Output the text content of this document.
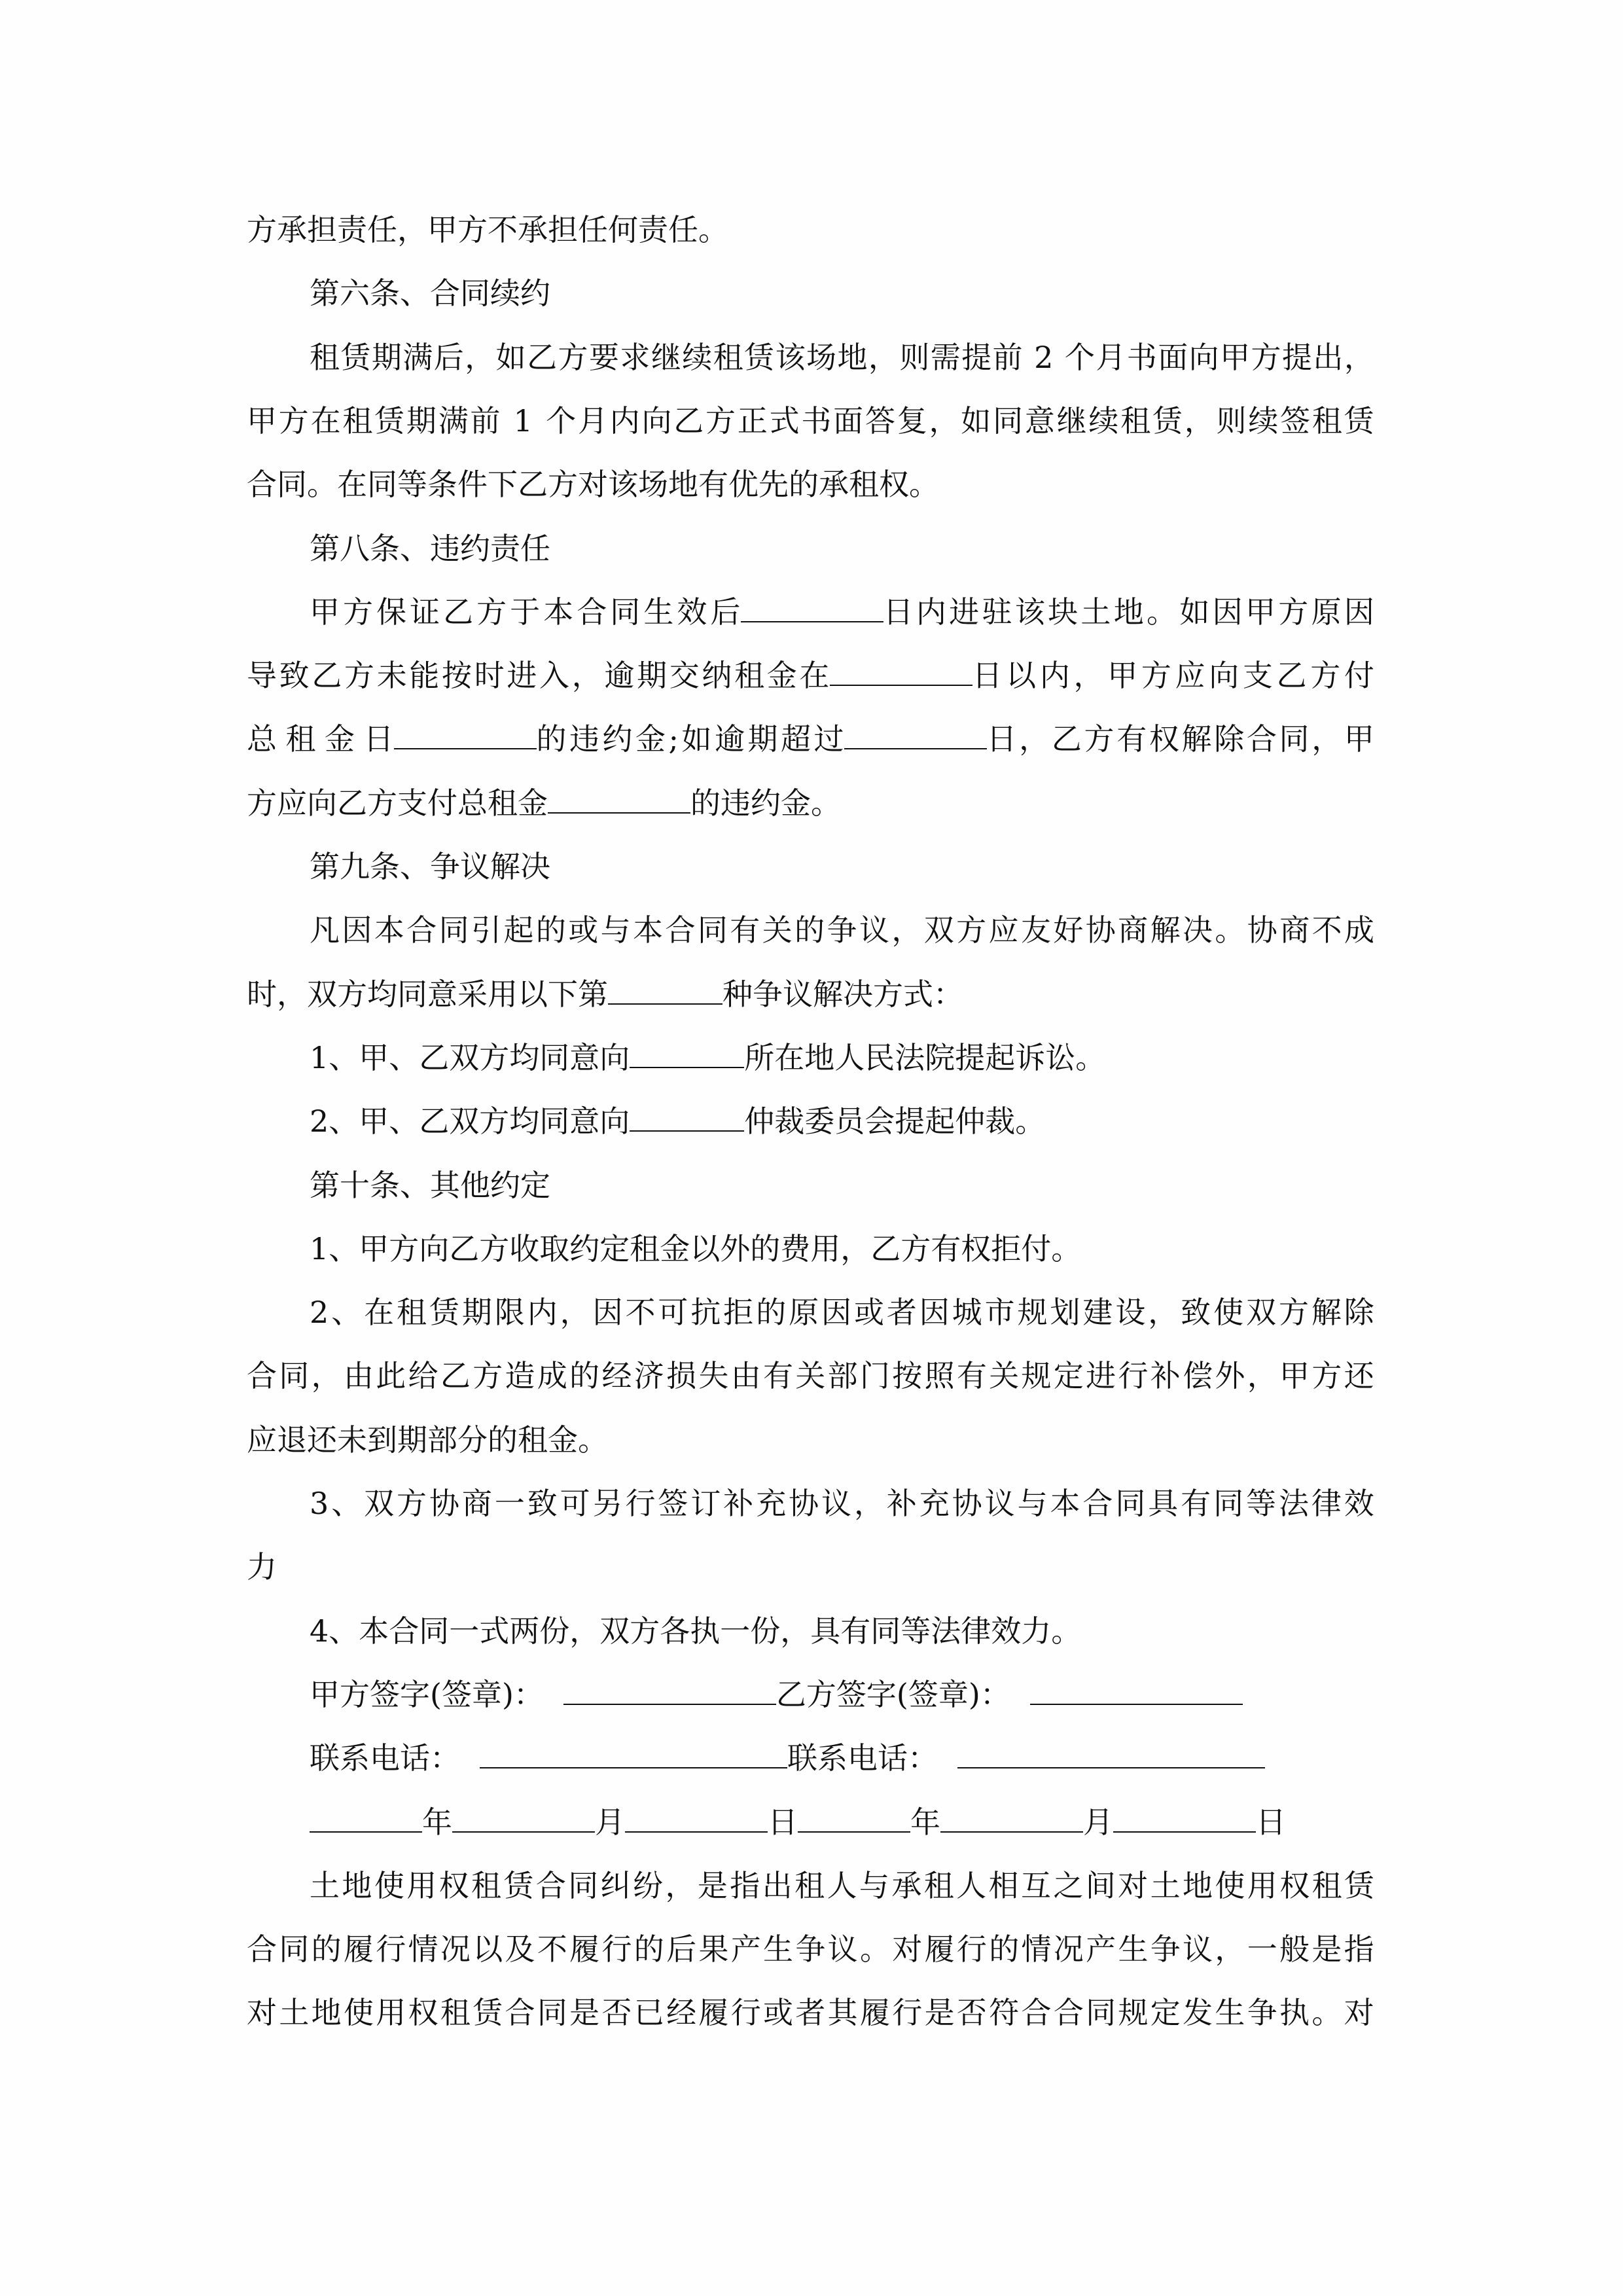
方承担责任，甲方不承担任何责任。
第六条、合同续约
租 赁 期 满 后 ， 如 乙 方 要 求 继 续 租 赁 该 场 地 ， 则 需 提 前
2
个 月 书 面 向 甲 方 提 出 ，
甲 方 在 租 赁 期 满 前
1
个 月 内 向 乙 方 正 式 书 面 答 复 ， 如 同 意 继 续 租 赁 ， 则 续 签 租 赁
合同。在同等条件下乙方对该场地有优先的承租权。
第八条、违约责任
甲 方 保 证 乙 方 于 本 合 同 生 效 后	日 内 进 驻 该 块 土 地 。 如 因 甲 方 原 因
导 致 乙 方 未 能 按 时 进 入 ， 逾 期 交 纳 租 金 在	日 以 内 ， 甲 方 应 向 支 乙 方 付
总 租 金 日	的 违 约 金 ; 如 逾 期 超 过	日 ， 乙 方 有 权 解 除 合 同 ， 甲
方应向乙方支付总租金	的违约金。
第九条、争议解决
凡 因 本 合 同 引 起 的 或 与 本 合 同 有 关 的 争 议 ， 双 方 应 友 好 协 商 解 决 。 协 商 不 成
时，双方均同意采用以下第	种争议解决方式：
1、甲、乙双方均同意向	所在地人民法院提起诉讼。
2、甲、乙双方均同意向	仲裁委员会提起仲裁。
第十条、其他约定
1、甲方向乙方收取约定租金以外的费用，乙方有权拒付。
2 、 在 租 赁 期 限 内 ， 因 不 可 抗 拒 的 原 因 或 者 因 城 市 规 划 建 设 ， 致 使 双 方 解 除
合 同 ， 由 此 给 乙 方 造 成 的 经 济 损 失 由 有 关 部 门 按 照 有 关 规 定 进 行 补 偿 外 ， 甲 方 还
应退还未到期部分的租金。
3 、 双 方 协 商 一 致 可 另 行 签 订 补 充 协 议 ， 补 充 协 议 与 本 合 同 具 有 同 等 法 律 效
力
4、本合同一式两份，双方各执一份，具有同等法律效力。
甲方签字(签章)：	乙方签字(签章)：
联系电话：	联系电话：
年	月	日	年	月	日
土 地 使 用 权 租 赁 合 同 纠 纷 ， 是 指 出 租 人 与 承 租 人 相 互 之 间 对 土 地 使 用 权 租 赁
合 同 的 履 行 情 况 以 及 不 履 行 的 后 果 产 生 争 议 。 对 履 行 的 情 况 产 生 争 议 ， 一 般 是 指
对 土 地 使 用 权 租 赁 合 同 是 否 已 经 履 行 或 者 其 履 行 是 否 符 合 合 同 规 定 发 生 争 执 。 对
